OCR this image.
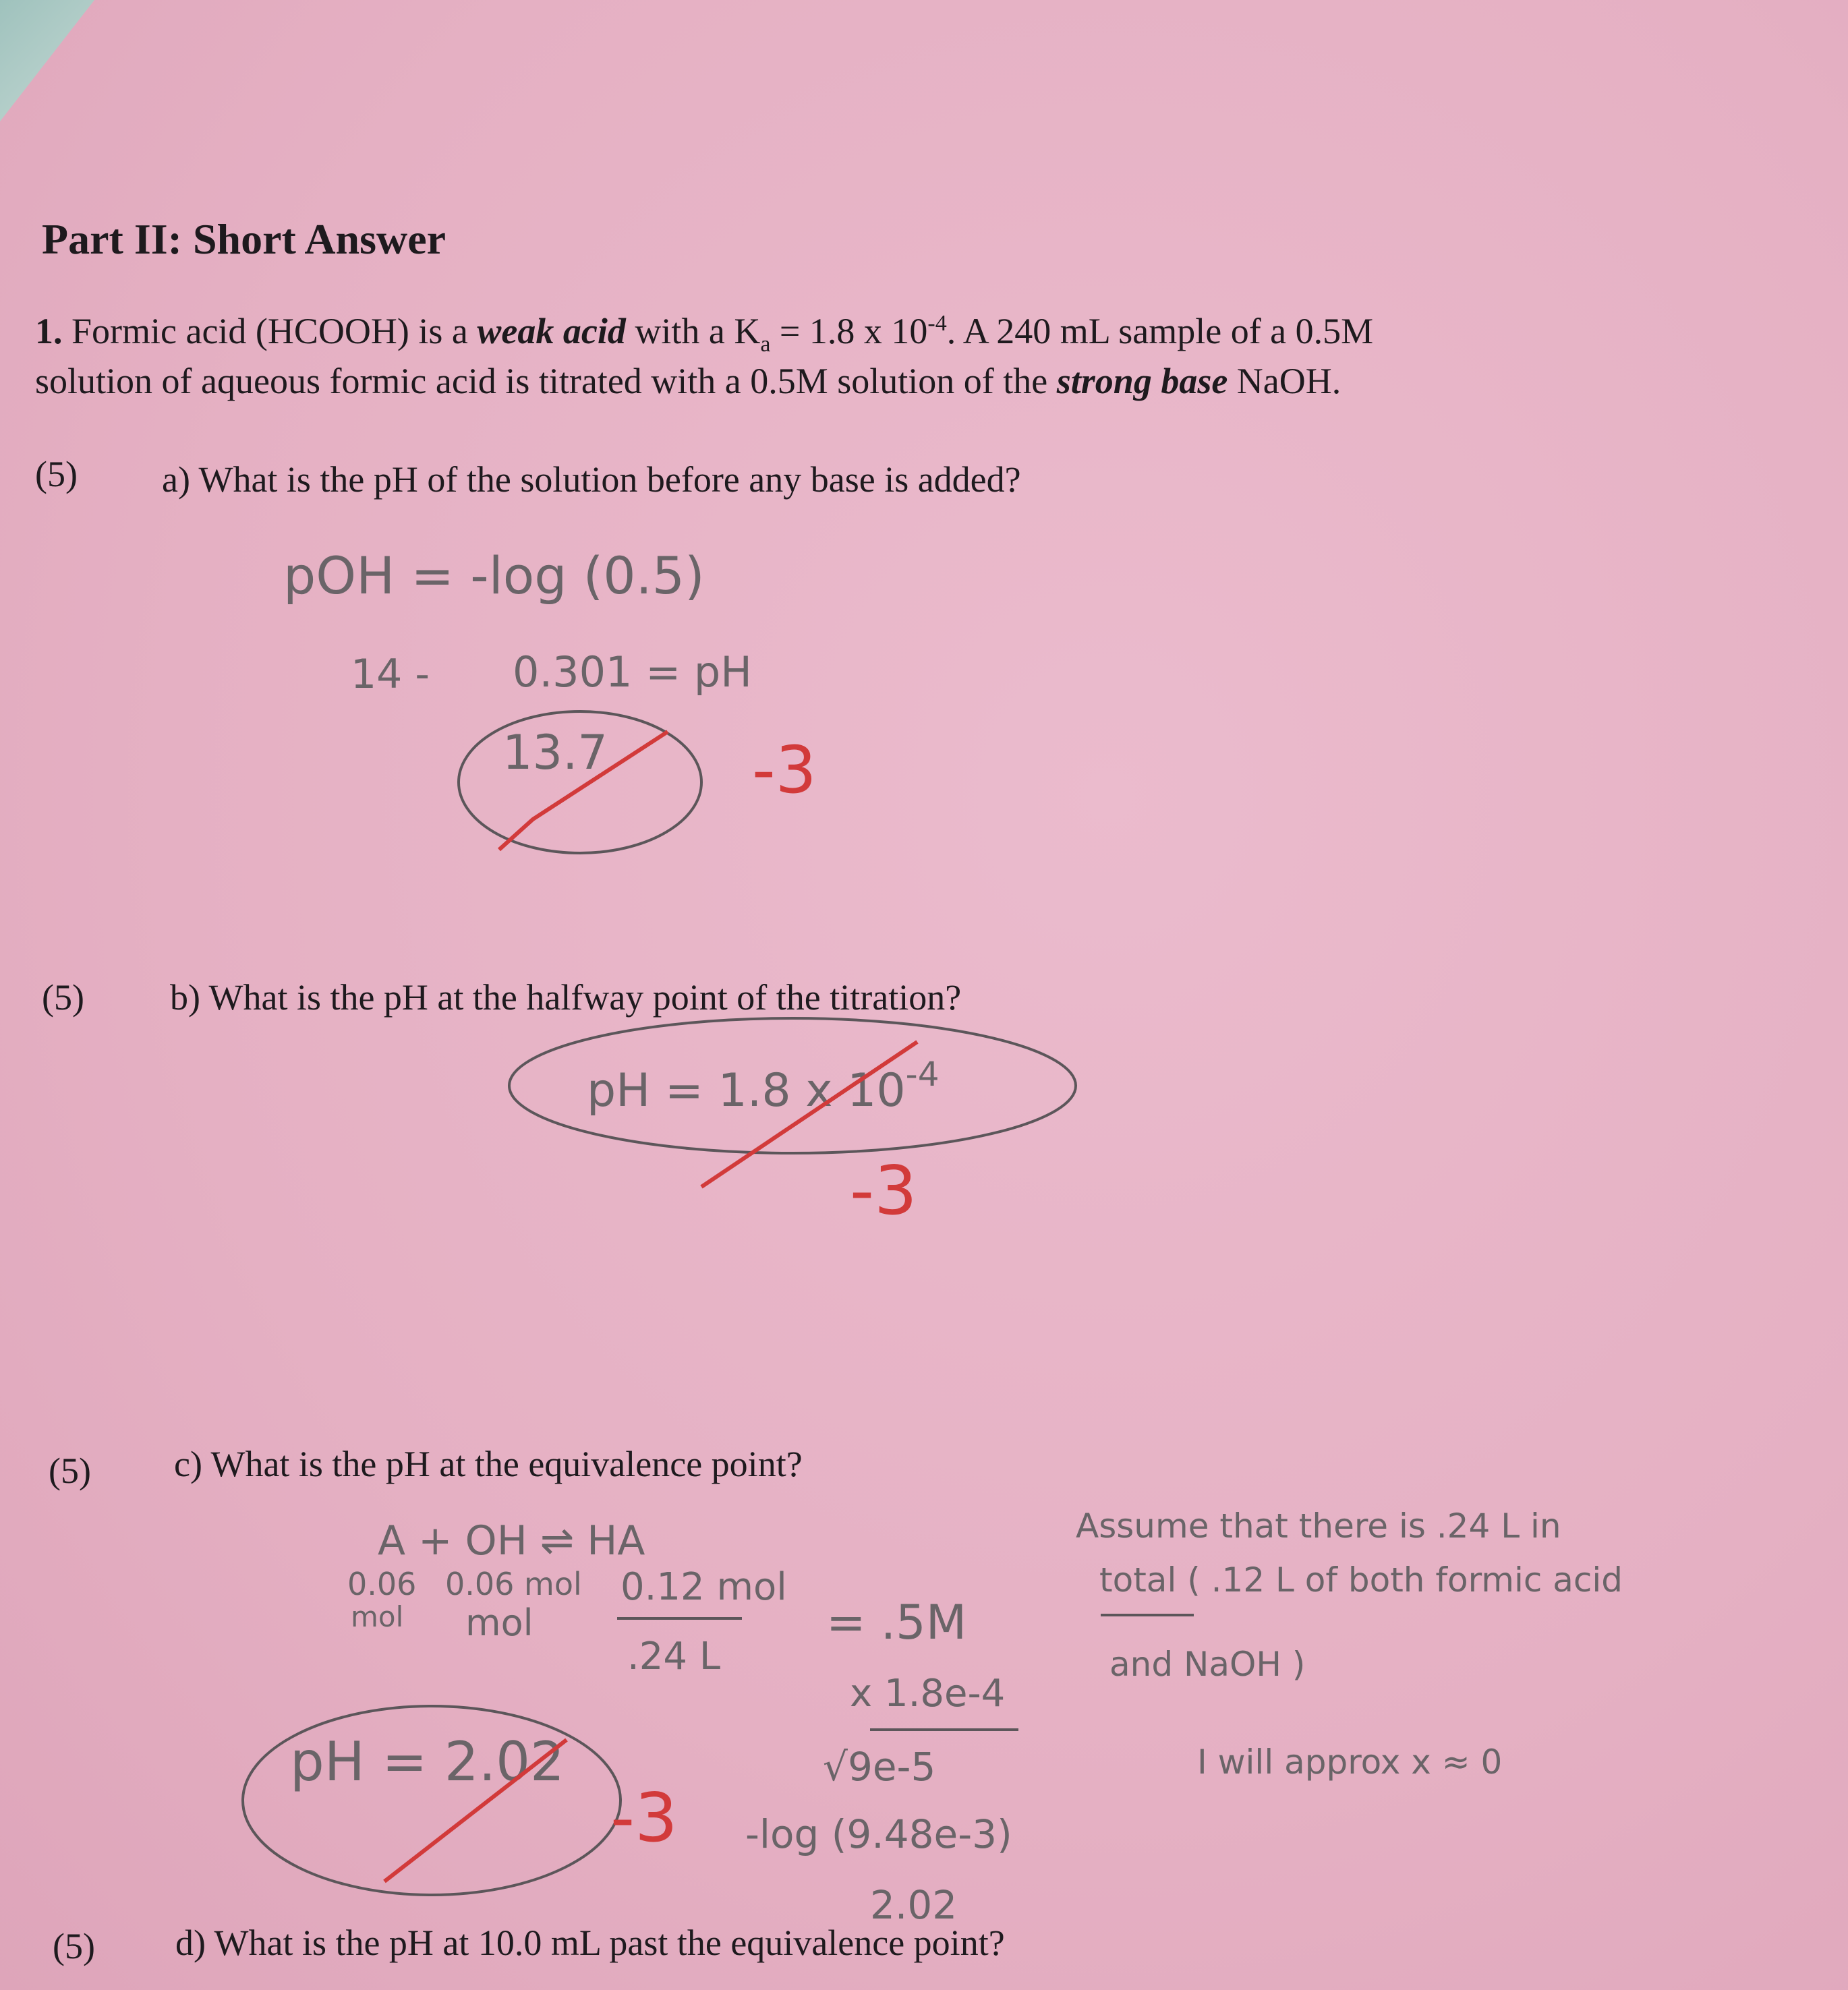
Part II: Short Answer
1. Formic acid (HCOOH) is a weak acid with a $K_a = 1.8$ x $10^{-4}$. A 240 mL sample of a 0.5M
solution of aqueous formic acid is titrated with a 0.5M solution of the strong base NaOH.
(5) a) What is the pH of the solution before any base is added?
(5) b) What is the pH at the halfway point of the titration?
(5) c) What is the pH at the equivalence point?
(5) d) What is the pH at 10.0 mL past the equivalence point?
pOH = -log (0.5)
14 - 0.301 = pH
13.7 -3
pH = 1.8 x $10^{-4}$
-3
A + OH ⇌ HA
0.06
mol
0.06 mol
mol
0.12 mol
.24 L
= .5M
x 1.8e-4
√9e-5
-log (9.48e-3)
2.02
pH = 2.02
-3
Assume that there is .24 L in
total ( .12 L of both formic acid
and NaOH )
I will approx x ≈ 0
